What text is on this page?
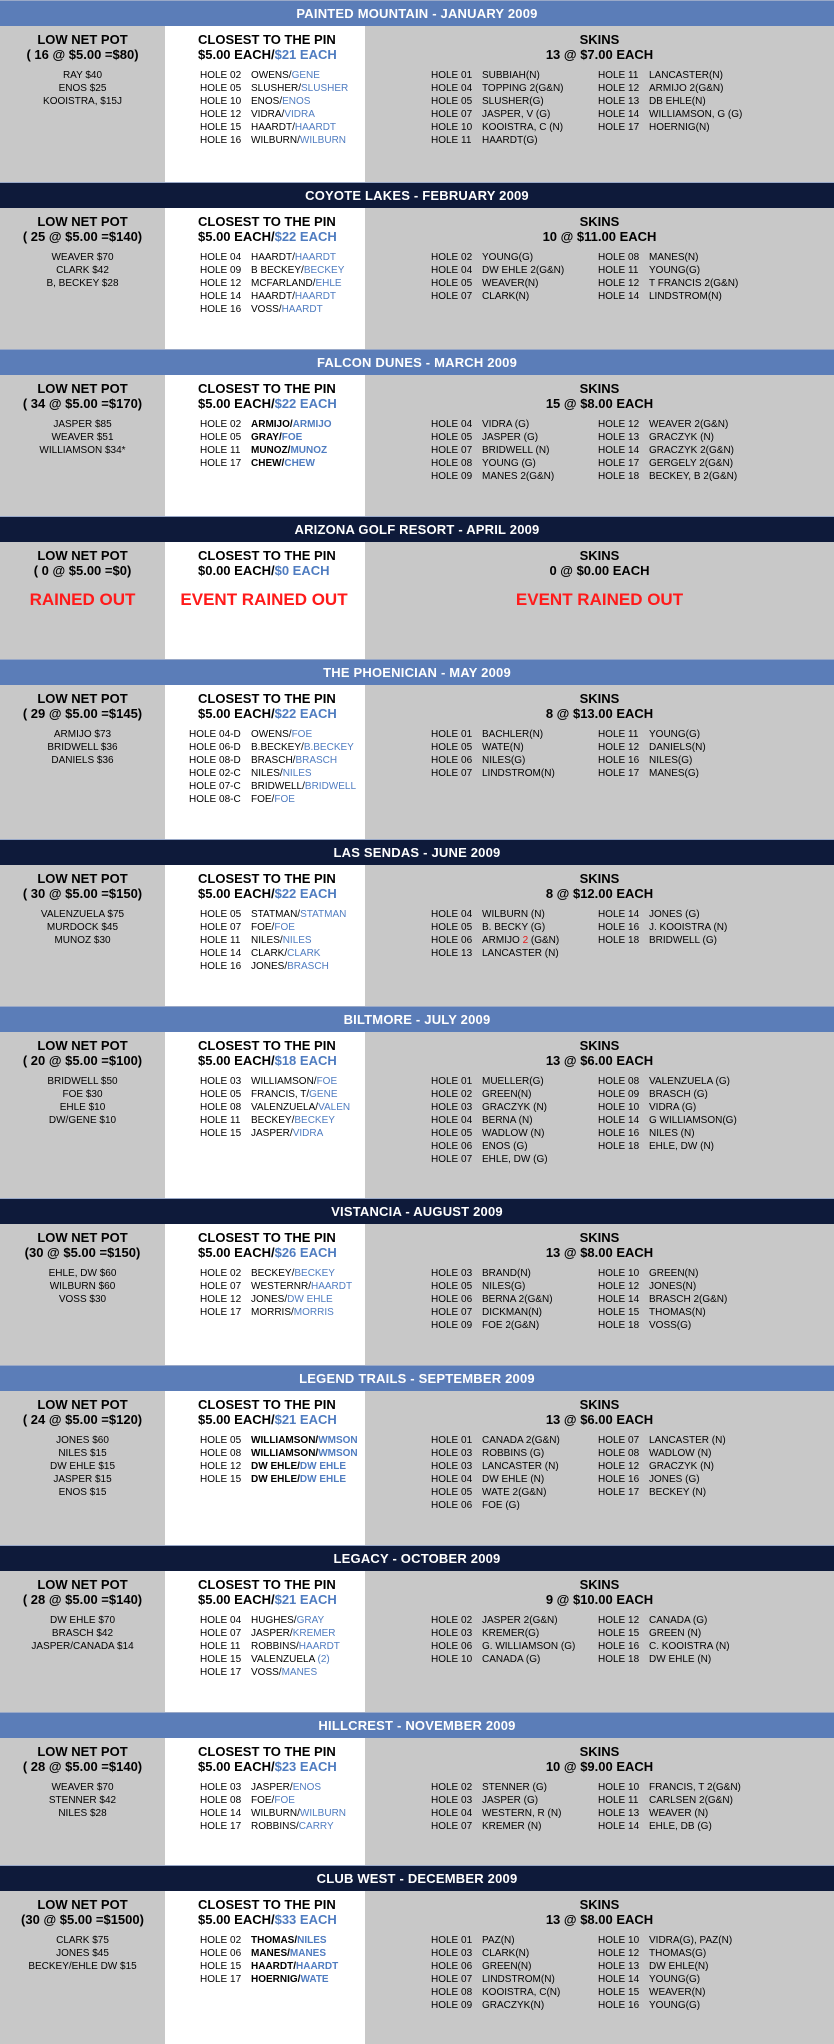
PAINTED MOUNTAIN - JANUARY 2009
LOW NET POT
( 16 @ $5.00 =$80)
RAY $40
ENOS $25
KOOISTRA, $15J
CLOSEST TO THE PIN
$5.00 EACH/$21 EACH
HOLE 02 OWENS/GENE
HOLE 05 SLUSHER/SLUSHER
HOLE 10 ENOS/ENOS
HOLE 12 VIDRA/VIDRA
HOLE 15 HAARDT/HAARDT
HOLE 16 WILBURN/WILBURN
SKINS
13 @ $7.00 EACH
HOLE 01 SUBBIAH(N)
HOLE 04 TOPPING 2(G&N)
HOLE 05 SLUSHER(G)
HOLE 07 JASPER, V (G)
HOLE 10 KOOISTRA, C (N)
HOLE 11 HAARDT(G)
HOLE 11 LANCASTER(N)
HOLE 12 ARMIJO 2(G&N)
HOLE 13 DB EHLE(N)
HOLE 14 WILLIAMSON, G (G)
HOLE 17 HOERNIG(N)
COYOTE LAKES - FEBRUARY 2009
LOW NET POT
( 25 @ $5.00 =$140)
WEAVER $70
CLARK $42
B, BECKEY $28
CLOSEST TO THE PIN
$5.00 EACH/$22 EACH
HOLE 04 HAARDT/HAARDT
HOLE 09 B BECKEY/BECKEY
HOLE 12 MCFARLAND/EHLE
HOLE 14 HAARDT/HAARDT
HOLE 16 VOSS/HAARDT
SKINS
10 @ $11.00 EACH
HOLE 02 YOUNG(G)
HOLE 04 DW EHLE 2(G&N)
HOLE 05 WEAVER(N)
HOLE 07 CLARK(N)
HOLE 08 MANES(N)
HOLE 11 YOUNG(G)
HOLE 12 T FRANCIS 2(G&N)
HOLE 14 LINDSTROM(N)
FALCON DUNES - MARCH 2009
LOW NET POT
( 34 @ $5.00 =$170)
JASPER $85
WEAVER $51
WILLIAMSON $34*
CLOSEST TO THE PIN
$5.00 EACH/$22 EACH
HOLE 02 ARMIJO/ARMIJO
HOLE 05 GRAY/FOE
HOLE 11 MUNOZ/MUNOZ
HOLE 17 CHEW/CHEW
SKINS
15 @ $8.00 EACH
HOLE 04 VIDRA (G)
HOLE 05 JASPER (G)
HOLE 07 BRIDWELL (N)
HOLE 08 YOUNG (G)
HOLE 09 MANES 2(G&N)
HOLE 12 WEAVER 2(G&N)
HOLE 13 GRACZYK (N)
HOLE 14 GRACZYK 2(G&N)
HOLE 17 GERGELY 2(G&N)
HOLE 18 BECKEY, B 2(G&N)
ARIZONA GOLF RESORT - APRIL 2009
LOW NET POT
( 0 @ $5.00 =$0)
RAINED OUT
CLOSEST TO THE PIN
$0.00 EACH/$0 EACH
EVENT RAINED OUT
SKINS
0 @ $0.00 EACH
EVENT RAINED OUT
THE PHOENICIAN - MAY 2009
LOW NET POT
( 29 @ $5.00 =$145)
ARMIJO $73
BRIDWELL $36
DANIELS $36
CLOSEST TO THE PIN
$5.00 EACH/$22 EACH
HOLE 04-D OWENS/FOE
HOLE 06-D B.BECKEY/B.BECKEY
HOLE 08-D BRASCH/BRASCH
HOLE 02-C NILES/NILES
HOLE 07-C BRIDWELL/BRIDWELL
HOLE 08-C FOE/FOE
SKINS
8 @ $13.00 EACH
HOLE 01 BACHLER(N)
HOLE 05 WATE(N)
HOLE 06 NILES(G)
HOLE 07 LINDSTROM(N)
HOLE 11 YOUNG(G)
HOLE 12 DANIELS(N)
HOLE 16 NILES(G)
HOLE 17 MANES(G)
LAS SENDAS - JUNE 2009
LOW NET POT
( 30 @ $5.00 =$150)
VALENZUELA $75
MURDOCK $45
MUNOZ $30
CLOSEST TO THE PIN
$5.00 EACH/$22 EACH
HOLE 05 STATMAN/STATMAN
HOLE 07 FOE/FOE
HOLE 11 NILES/NILES
HOLE 14 CLARK/CLARK
HOLE 16 JONES/BRASCH
SKINS
8 @ $12.00 EACH
HOLE 04 WILBURN (N)
HOLE 05 B. BECKY (G)
HOLE 06 ARMIJO 2 (G&N)
HOLE 13 LANCASTER (N)
HOLE 14 JONES (G)
HOLE 16 J. KOOISTRA (N)
HOLE 18 BRIDWELL (G)
BILTMORE - JULY 2009
LOW NET POT
( 20 @ $5.00 =$100)
BRIDWELL $50
FOE $30
EHLE $10
DW/GENE $10
CLOSEST TO THE PIN
$5.00 EACH/$18 EACH
HOLE 03 WILLIAMSON/FOE
HOLE 05 FRANCIS, T/GENE
HOLE 08 VALENZUELA/VALEN
HOLE 11 BECKEY/BECKEY
HOLE 15 JASPER/VIDRA
SKINS
13 @ $6.00 EACH
HOLE 01 MUELLER(G)
HOLE 02 GREEN(N)
HOLE 03 GRACZYK (N)
HOLE 04 BERNA (N)
HOLE 05 WADLOW (N)
HOLE 06 ENOS (G)
HOLE 07 EHLE, DW (G)
HOLE 08 VALENZUELA (G)
HOLE 09 BRASCH (G)
HOLE 10 VIDRA (G)
HOLE 14 G WILLIAMSON(G)
HOLE 16 NILES (N)
HOLE 18 EHLE, DW (N)
VISTANCIA - AUGUST 2009
LOW NET POT
(30 @ $5.00 =$150)
EHLE, DW $60
WILBURN $60
VOSS $30
CLOSEST TO THE PIN
$5.00 EACH/$26 EACH
HOLE 02 BECKEY/BECKEY
HOLE 07 WESTERNR/HAARDT
HOLE 12 JONES/DW EHLE
HOLE 17 MORRIS/MORRIS
SKINS
13 @ $8.00 EACH
HOLE 03 BRAND(N)
HOLE 05 NILES(G)
HOLE 06 BERNA 2(G&N)
HOLE 07 DICKMAN(N)
HOLE 09 FOE 2(G&N)
HOLE 10 GREEN(N)
HOLE 12 JONES(N)
HOLE 14 BRASCH 2(G&N)
HOLE 15 THOMAS(N)
HOLE 18 VOSS(G)
LEGEND TRAILS - SEPTEMBER 2009
LOW NET POT
( 24 @ $5.00 =$120)
JONES $60
NILES $15
DW EHLE $15
JASPER $15
ENOS $15
CLOSEST TO THE PIN
$5.00 EACH/$21 EACH
HOLE 05 WILLIAMSON/WMSON
HOLE 08 WILLIAMSON/WMSON
HOLE 12 DW EHLE/DW EHLE
HOLE 15 DW EHLE/DW EHLE
SKINS
13 @ $6.00 EACH
HOLE 01 CANADA 2(G&N)
HOLE 03 ROBBINS (G)
HOLE 03 LANCASTER (N)
HOLE 04 DW EHLE (N)
HOLE 05 WATE 2(G&N)
HOLE 06 FOE (G)
HOLE 07 LANCASTER (N)
HOLE 08 WADLOW (N)
HOLE 12 GRACZYK (N)
HOLE 16 JONES (G)
HOLE 17 BECKEY (N)
LEGACY - OCTOBER 2009
LOW NET POT
( 28 @ $5.00 =$140)
DW EHLE $70
BRASCH $42
JASPER/CANADA $14
CLOSEST TO THE PIN
$5.00 EACH/$21 EACH
HOLE 04 HUGHES/GRAY
HOLE 07 JASPER/KREMER
HOLE 11 ROBBINS/HAARDT
HOLE 15 VALENZUELA (2)
HOLE 17 VOSS/MANES
SKINS
9 @ $10.00 EACH
HOLE 02 JASPER 2(G&N)
HOLE 03 KREMER(G)
HOLE 06 G. WILLIAMSON (G)
HOLE 10 CANADA (G)
HOLE 12 CANADA (G)
HOLE 15 GREEN (N)
HOLE 16 C. KOOISTRA (N)
HOLE 18 DW EHLE (N)
HILLCREST - NOVEMBER 2009
LOW NET POT
( 28 @ $5.00 =$140)
WEAVER $70
STENNER $42
NILES $28
CLOSEST TO THE PIN
$5.00 EACH/$23 EACH
HOLE 03 JASPER/ENOS
HOLE 08 FOE/FOE
HOLE 14 WILBURN/WILBURN
HOLE 17 ROBBINS/CARRY
SKINS
10 @ $9.00 EACH
HOLE 02 STENNER (G)
HOLE 03 JASPER (G)
HOLE 04 WESTERN, R (N)
HOLE 07 KREMER (N)
HOLE 10 FRANCIS, T 2(G&N)
HOLE 11 CARLSEN 2(G&N)
HOLE 13 WEAVER (N)
HOLE 14 EHLE, DB (G)
CLUB WEST - DECEMBER 2009
LOW NET POT
(30 @ $5.00 =$1500)
CLARK $75
JONES $45
BECKEY/EHLE DW $15
CLOSEST TO THE PIN
$5.00 EACH/$33 EACH
HOLE 02 THOMAS/NILES
HOLE 06 MANES/MANES
HOLE 15 HAARDT/HAARDT
HOLE 17 HOERNIG/WATE
SKINS
13 @ $8.00 EACH
HOLE 01 PAZ(N)
HOLE 03 CLARK(N)
HOLE 06 GREEN(N)
HOLE 07 LINDSTROM(N)
HOLE 08 KOOISTRA, C(N)
HOLE 09 GRACZYK(N)
HOLE 10 VIDRA(G), PAZ(N)
HOLE 12 THOMAS(G)
HOLE 13 DW EHLE(N)
HOLE 14 YOUNG(G)
HOLE 15 WEAVER(N)
HOLE 16 YOUNG(G)
